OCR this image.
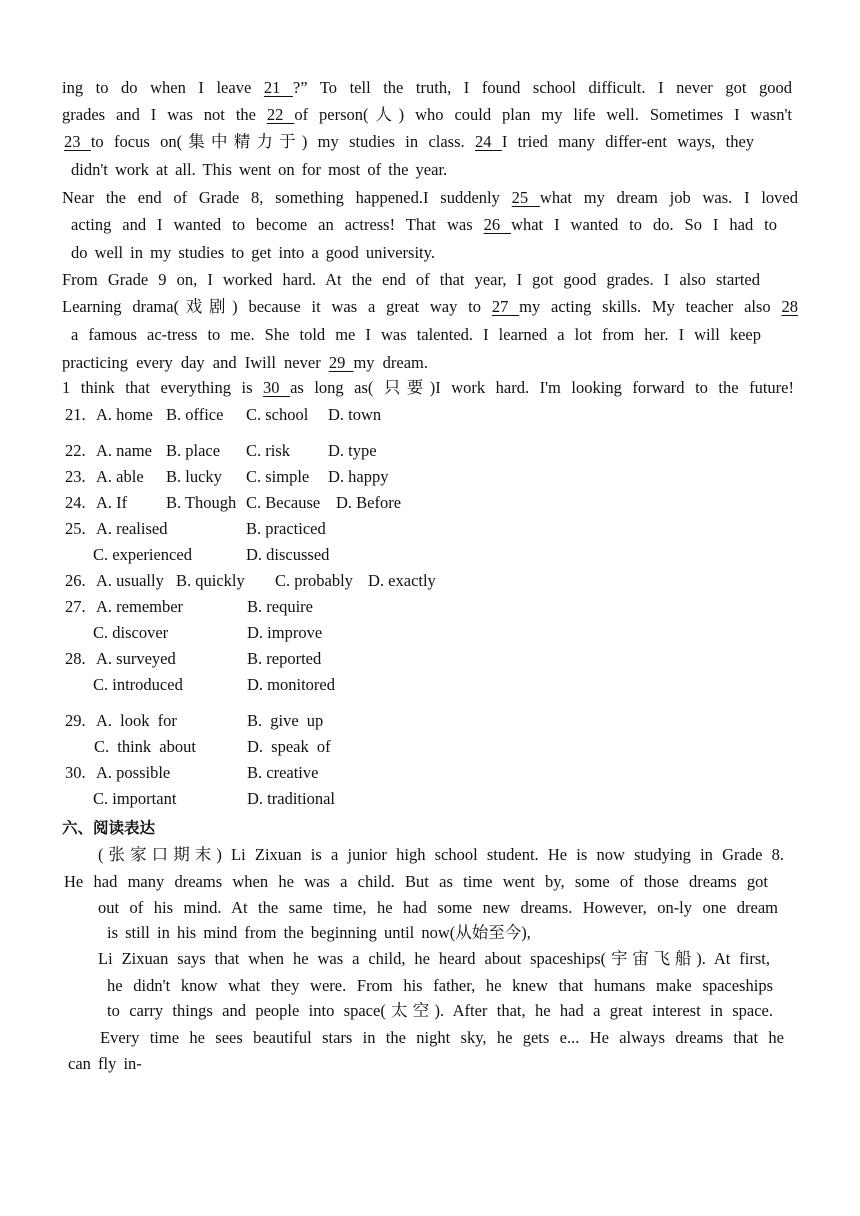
ing to do when I leave 21 ?” To tell the truth, I found school difficult. I never got good
grades and I was not the 22 of person(人) who could plan my life well. Sometimes I wasn't
23 to focus on(集中精力于) my studies in class. 24 I tried many differ-ent ways, they
didn't work at all. This went on for most of the year.
Near the end of Grade 8, something happened.I suddenly 25 what my dream job was. I loved
acting and I wanted to become an actress! That was 26 what I wanted to do. So I had to
do well in my studies to get into a good university.
From Grade 9 on, I worked hard. At the end of that year, I got good grades. I also started
Learning drama(戏剧) because it was a great way to 27 my acting skills. My teacher also 28
a famous ac-tress to me. She told me I was talented. I learned a lot from her. I will keep
practicing every day and Iwill never 29 my dream.
1 think that everything is 30 as long as( 只要)I work hard. I'm looking forward to the future!
21. A. home B. office C. school D. town
22. A. name B. place C. risk D. type
23. A. able B. lucky C. simple D. happy
24. A. If B. Though C. Because D. Before
25. A. realised	B. practiced
C. experienced	D. discussed
26. A. usually B. quickly C. probably D. exactly
27. A. remember	B. require
C. discover	D. improve
28. A. surveyed	B. reported
C. introduced	D. monitored
29. A. look for	B. give up
C. think about	D. speak of
30. A. possible	B. creative
C. important	D. traditional
六、阅读表达
(张家口期末) Li Zixuan is a junior high school student. He is now studying in Grade 8.
He had many dreams when he was a child. But as time went by, some of those dreams got
out of his mind. At the same time, he had some new dreams. However, on-ly one dream
is still in his mind from the beginning until now(从始至今),
Li Zixuan says that when he was a child, he heard about spaceships(宇宙飞船). At first,
he didn't know what they were. From his father, he knew that humans make spaceships
to carry things and people into space(太空). After that, he had a great interest in space.
Every time he sees beautiful stars in the night sky, he gets e... He always dreams that he
can fly in-
